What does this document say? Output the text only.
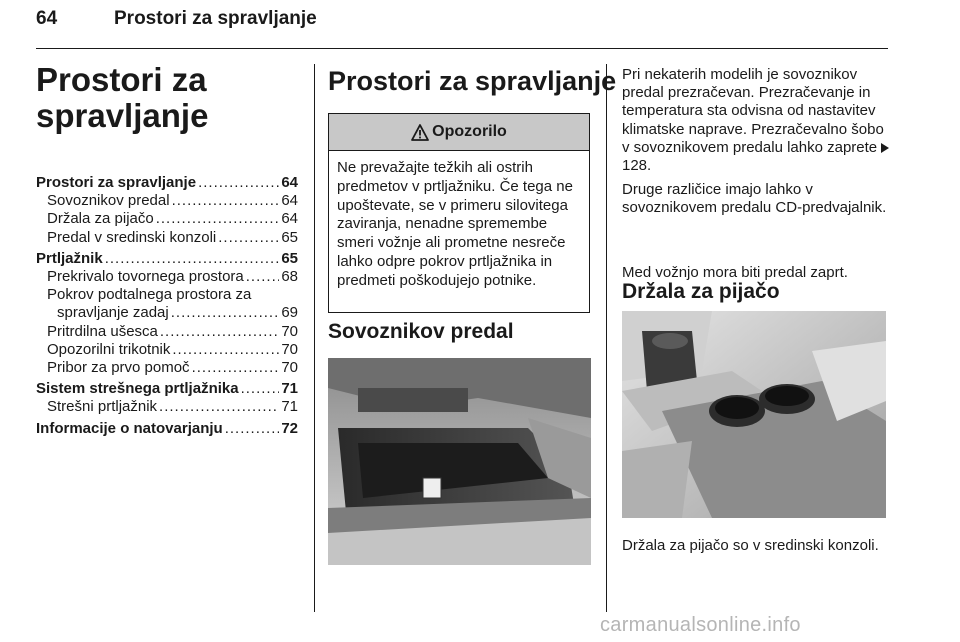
64	Prostori za spravljanje
Prostori za spravljanje
Prostori za spravljanje .....	64
Sovoznikov predal .....	64
Držala za pijačo .....	64
Predal v sredinski konzoli .....	65
Prtljažnik .....	65
Prekrivalo tovornega prostora .....	68
Pokrov podtalnega prostora za
spravljanje zadaj .....	69
Pritrdilna ušesca .....	70
Opozorilni trikotnik .....	70
Pribor za prvo pomoč .....	70
Sistem strešnega prtljažnika .....	71
Strešni prtljažnik .....	71
Informacije o natovarjanju .....	72
Prostori za spravljanje
Opozorilo
Ne prevažajte težkih ali ostrih predmetov v prtljažniku. Če tega ne upoštevate, se v primeru silovitega zaviranja, nenadne spremembe smeri vožnje ali prometne nesreče lahko odpre pokrov prtljažnika in predmeti poškodujejo potnike.
Sovoznikov predal
Pri nekaterih modelih je sovoznikov predal prezračevan. Prezračevanje in temperatura sta odvisna od nastavitev klimatske naprave. Prezračevalno šobo v sovoznikovem predalu lahko zaprete128.
Druge različice imajo lahko v sovoznikovem predalu CD-predvajalnik.
Med vožnjo mora biti predal zaprt.
Držala za pijačo
Držala za pijačo so v sredinski konzoli.
carmanualsonline.info
